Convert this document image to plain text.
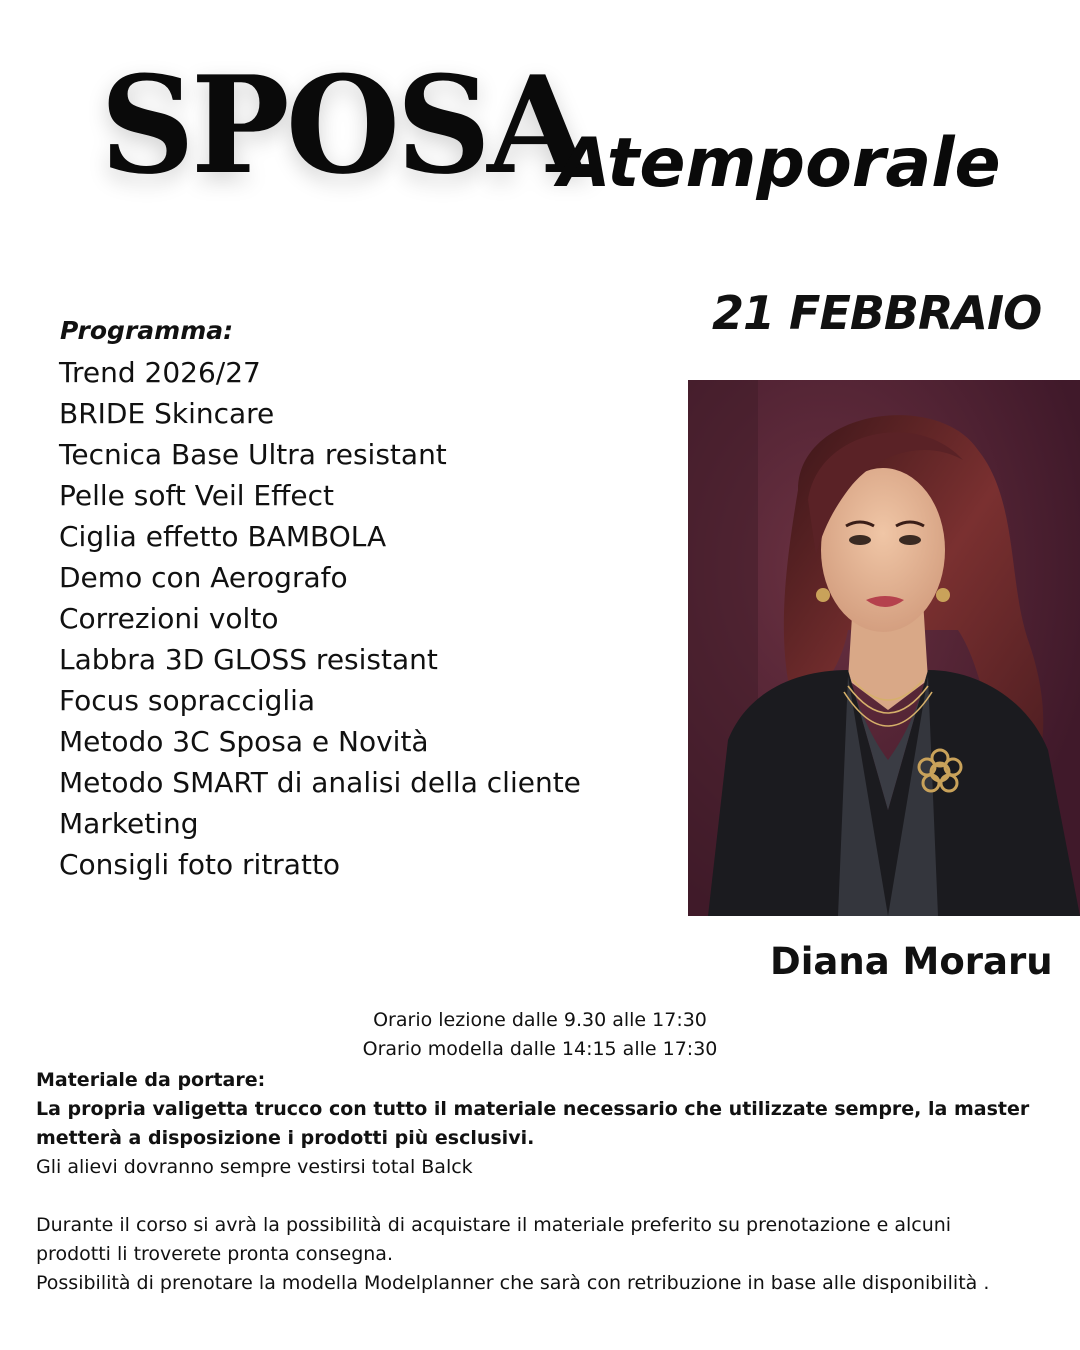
SPOSA
Atemporale
21 FEBBRAIO
Programma:
Trend 2026/27
BRIDE Skincare
Tecnica Base Ultra resistant
Pelle soft Veil Effect
Ciglia effetto BAMBOLA
Demo con Aerografo
Correzioni volto
Labbra 3D GLOSS resistant
Focus sopracciglia
Metodo 3C Sposa e Novità
Metodo SMART di analisi della cliente
Marketing
Consigli foto ritratto
Diana Moraru
Orario lezione dalle 9.30 alle 17:30
Orario modella dalle 14:15 alle 17:30
Materiale da portare:
La propria valigetta trucco con tutto il materiale necessario che utilizzate sempre, la master
metterà a disposizione i prodotti più esclusivi.
Gli alievi dovranno sempre vestirsi total Balck
Durante il corso si avrà la possibilità di acquistare il materiale preferito su prenotazione e alcuni
prodotti li troverete pronta consegna.
Possibilità di prenotare la modella Modelplanner che sarà con retribuzione in base alle disponibilità .
